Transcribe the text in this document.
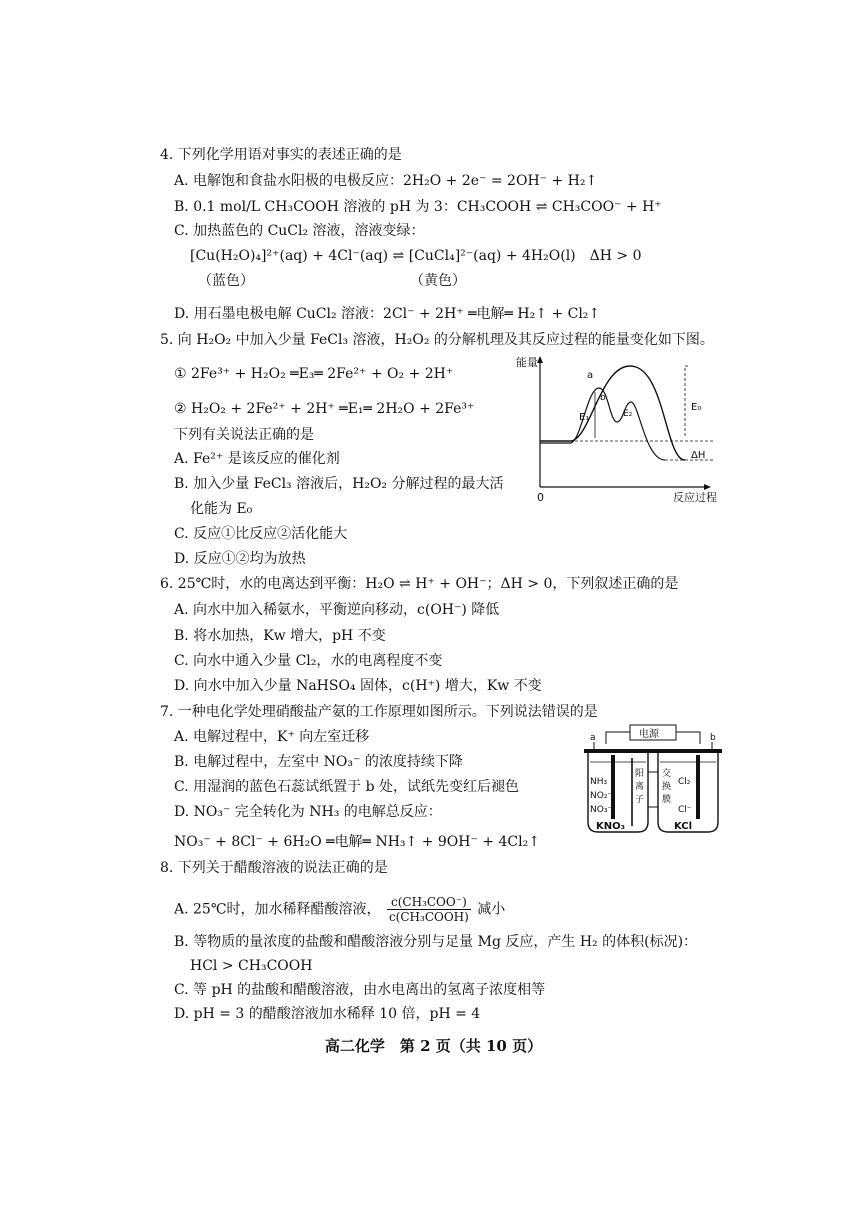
4. 下列化学用语对事实的表述正确的是
A. 电解饱和食盐水阳极的电极反应：2H₂O + 2e⁻ = 2OH⁻ + H₂↑
B. 0.1 mol/L CH₃COOH 溶液的 pH 为 3：CH₃COOH ⇌ CH₃COO⁻ + H⁺
C. 加热蓝色的 CuCl₂ 溶液，溶液变绿：
[Cu(H₂O)₄]²⁺(aq) + 4Cl⁻(aq) ⇌ [CuCl₄]²⁻(aq) + 4H₂O(l)　ΔH > 0
（蓝色）	（黄色）
D. 用石墨电极电解 CuCl₂ 溶液：2Cl⁻ + 2H⁺ ═电解═ H₂↑ + Cl₂↑
5. 向 H₂O₂ 中加入少量 FeCl₃ 溶液，H₂O₂ 的分解机理及其反应过程的能量变化如下图。
① 2Fe³⁺ + H₂O₂ ═E₃═ 2Fe²⁺ + O₂ + 2H⁺
② H₂O₂ + 2Fe²⁺ + 2H⁺ ═E₁═ 2H₂O + 2Fe³⁺
下列有关说法正确的是
A. Fe²⁺ 是该反应的催化剂
B. 加入少量 FeCl₃ 溶液后，H₂O₂ 分解过程的最大活
化能为 E₀
C. 反应①比反应②活化能大
D. 反应①②均为放热
能量
反应过程
0
a
b
E₁	E₂
E₀
ΔH
6. 25℃时，水的电离达到平衡：H₂O ⇌ H⁺ + OH⁻；ΔH > 0，下列叙述正确的是
A. 向水中加入稀氨水，平衡逆向移动，c(OH⁻) 降低
B. 将水加热，Kw 增大，pH 不变
C. 向水中通入少量 Cl₂，水的电离程度不变
D. 向水中加入少量 NaHSO₄ 固体，c(H⁺) 增大，Kw 不变
7. 一种电化学处理硝酸盐产氨的工作原理如图所示。下列说法错误的是
A. 电解过程中，K⁺ 向左室迁移
B. 电解过程中，左室中 NO₃⁻ 的浓度持续下降
C. 用湿润的蓝色石蕊试纸置于 b 处，试纸先变红后褪色
D. NO₃⁻ 完全转化为 NH₃ 的电解总反应：
NO₃⁻ + 8Cl⁻ + 6H₂O ═电解═ NH₃↑ + 9OH⁻ + 4Cl₂↑
电源
a	b
NH₃
NO₂⁻
NO₃⁻
阳
离
子
交
换
膜
Cl₂
Cl⁻
KNO₃	KCl
8. 下列关于醋酸溶液的说法正确的是
A. 25℃时，加水稀释醋酸溶液， c(CH₃COO⁻)
c(CH₃COOH) 减小
B. 等物质的量浓度的盐酸和醋酸溶液分别与足量 Mg 反应，产生 H₂ 的体积(标况)：
HCl > CH₃COOH
C. 等 pH 的盐酸和醋酸溶液，由水电离出的氢离子浓度相等
D. pH = 3 的醋酸溶液加水稀释 10 倍，pH = 4
高二化学　第 2 页（共 10 页）
